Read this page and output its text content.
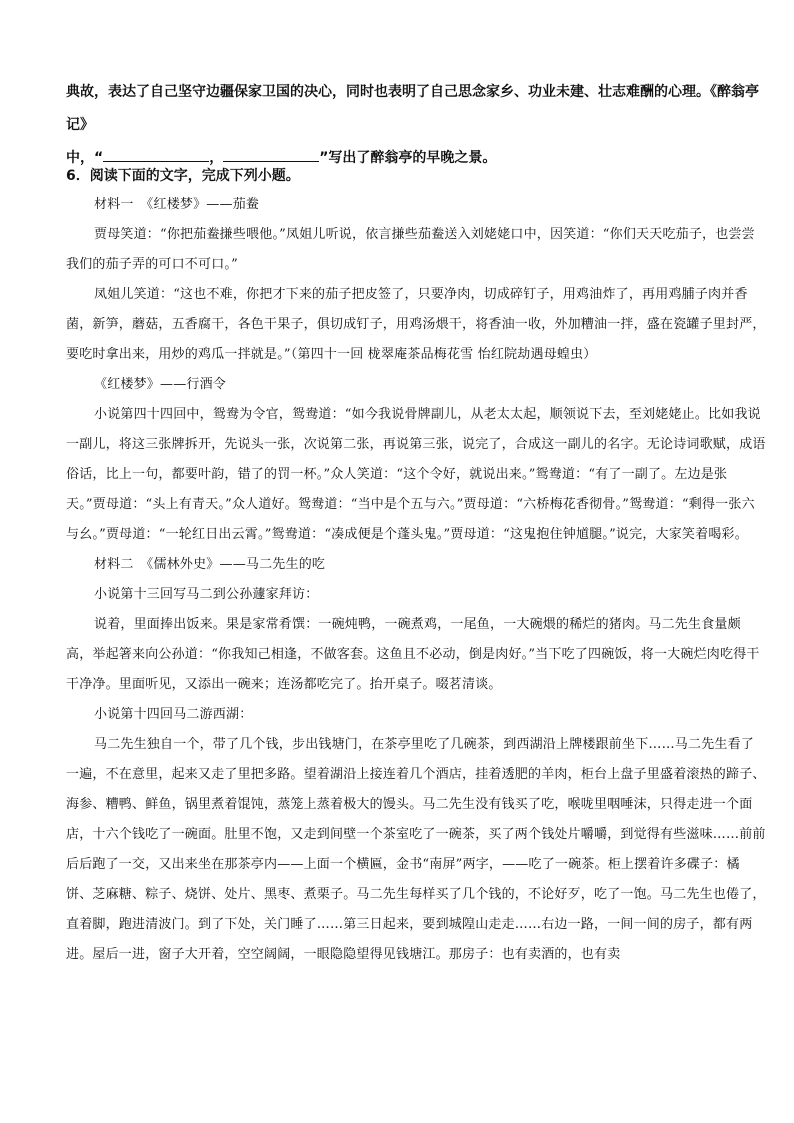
典故，表达了自己坚守边疆保家卫国的决心，同时也表明了自己思念家乡、功业未建、壮志难酬的心理。《醉翁亭记》

中，“	，	”写出了醉翁亭的早晚之景。

6．阅读下面的文字，完成下列小题。

材料一　《红楼梦》——茄鲞

贾母笑道：“你把茄鲞搛些喂他。”凤姐儿听说，依言搛些茄鲞送入刘姥姥口中，因笑道：“你们天天吃茄子，也尝尝我们的茄子弄的可口不可口。”

凤姐儿笑道：“这也不难，你把才下来的茄子把皮签了，只要净肉，切成碎钉子，用鸡油炸了，再用鸡脯子肉并香菌，新笋，蘑菇，五香腐干，各色干果子，俱切成钉子，用鸡汤煨干，将香油一收，外加糟油一拌，盛在瓷罐子里封严，要吃时拿出来，用炒的鸡瓜一拌就是。”（第四十一回 栊翠庵茶品梅花雪 怡红院劫遇母蝗虫）

《红楼梦》——行酒令

小说第四十四回中，鸳鸯为令官，鸳鸯道：“如今我说骨牌副儿，从老太太起，顺领说下去，至刘姥姥止。比如我说一副儿，将这三张牌拆开，先说头一张，次说第二张，再说第三张，说完了，合成这一副儿的名字。无论诗词歌赋，成语俗话，比上一句，都要叶韵，错了的罚一杯。”众人笑道：“这个令好，就说出来。”鸳鸯道：“有了一副了。左边是张天。”贾母道：“头上有青天。”众人道好。鸳鸯道：“当中是个五与六。”贾母道：“六桥梅花香彻骨。”鸳鸯道：“剩得一张六与幺。”贾母道：“一轮红日出云霄。”鸳鸯道：“凑成便是个蓬头鬼。”贾母道：“这鬼抱住钟馗腿。”说完，大家笑着喝彩。

材料二　《儒林外史》——马二先生的吃

小说第十三回写马二到公孙蘧家拜访：

说着，里面捧出饭来。果是家常肴馔：一碗炖鸭，一碗煮鸡，一尾鱼，一大碗煨的稀烂的猪肉。马二先生食量颇高，举起箸来向公孙道：“你我知己相逢，不做客套。这鱼且不必动，倒是肉好。”当下吃了四碗饭，将一大碗烂肉吃得干干净净。里面听见，又添出一碗来；连汤都吃完了。抬开桌子。啜茗清谈。

小说第十四回马二游西湖：

马二先生独自一个，带了几个钱，步出钱塘门，在茶亭里吃了几碗茶，到西湖沿上牌楼跟前坐下……马二先生看了一遍，不在意里，起来又走了里把多路。望着湖沿上接连着几个酒店，挂着透肥的羊肉，柜台上盘子里盛着滚热的蹄子、海参、糟鸭、鲜鱼，锅里煮着馄饨，蒸笼上蒸着极大的馒头。马二先生没有钱买了吃，喉咙里咽唾沫，只得走进一个面店，十六个钱吃了一碗面。肚里不饱，又走到间壁一个茶室吃了一碗茶，买了两个钱处片嚼嚼，到觉得有些滋味……前前后后跑了一交，又出来坐在那茶亭内——上面一个横匾，金书“南屏”两字，——吃了一碗茶。柜上摆着许多碟子：橘饼、芝麻糖、粽子、烧饼、处片、黑枣、煮栗子。马二先生每样买了几个钱的，不论好歹，吃了一饱。马二先生也倦了，直着脚，跑进清波门。到了下处，关门睡了……第三日起来，要到城隍山走走……右边一路，一间一间的房子，都有两进。屋后一进，窗子大开着，空空阔阔，一眼隐隐望得见钱塘江。那房子：也有卖酒的，也有卖
